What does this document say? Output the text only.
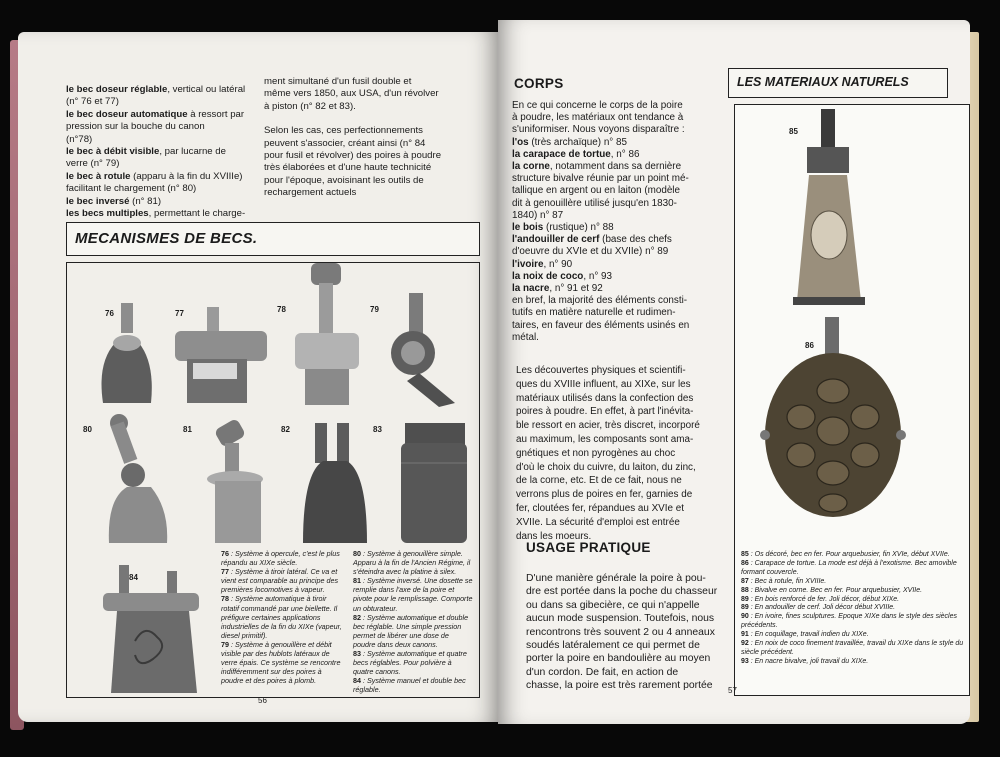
le bec doseur réglable, vertical ou latéral
(n° 76 et 77)
le bec doseur automatique à ressort par
pression sur la bouche du canon
(n°78)
le bec à débit visible, par lucarne de
verre (n° 79)
le bec à rotule (apparu à la fin du XVIIIe)
facilitant le chargement (n° 80)
le bec inversé (n° 81)
les becs multiples, permettant le charge-
ment simultané d'un fusil double et
même vers 1850, aux USA, d'un révolver
à piston (n° 82 et 83).
Selon les cas, ces perfectionnements
peuvent s'associer, créant ainsi (n° 84
pour fusil et révolver) des poires à poudre
très élaborées et d'une haute technicité
pour l'époque, avoisinant les outils de
rechargement actuels
MECANISMES DE BECS.
76	77	78	79
80	81	82	83
84
76 : Système à opercule, c'est le plus répandu au XIXe siècle.
77 : Système à tiroir latéral. Ce va et vient est comparable au principe des premières locomotives à vapeur.
78 : Système automatique à tiroir rotatif commandé par une biellette. Il préfigure certaines applications industrielles de la fin du XIXe (vapeur, diesel primitif).
79 : Système à genouillère et débit visible par des hublots latéraux de verre épais. Ce système se rencontre indifféremment sur des poires à poudre et des poires à plomb.
80 : Système à genouillère simple. Apparu à la fin de l'Ancien Régime, il s'éteindra avec la platine à silex.
81 : Système inversé. Une dosette se remplie dans l'axe de la poire et pivote pour le remplissage. Comporte un obturateur.
82 : Système automatique et double bec réglable. Une simple pression permet de libérer une dose de poudre dans deux canons.
83 : Système automatique et quatre becs réglables. Pour polvière à quatre canons.
84 : Système manuel et double bec réglable.
56
CORPS
En ce qui concerne le corps de la poire
à poudre, les matériaux ont tendance à
s'uniformiser. Nous voyons disparaître :
l'os (très archaïque) n° 85
la carapace de tortue, n° 86
la corne, notamment dans sa dernière
structure bivalve réunie par un point mé-
tallique en argent ou en laiton (modèle
dit à genouillère utilisé jusqu'en 1830-
1840) n° 87
le bois (rustique) n° 88
l'andouiller de cerf (base des chefs
d'oeuvre du XVIe et du XVIIe) n° 89
l'ivoire, n° 90
la noix de coco, n° 93
la nacre, n° 91 et 92
en bref, la majorité des éléments consti-
tutifs en matière naturelle et rudimen-
taires, en faveur des éléments usinés en
métal.
Les découvertes physiques et scientifi-
ques du XVIIIe influent, au XIXe, sur les
matériaux utilisés dans la confection des
poires à poudre. En effet, à part l'inévita-
ble ressort en acier, très discret, incorporé
au maximum, les composants sont ama-
gnétiques et non pyrogènes au choc
d'où le choix du cuivre, du laiton, du zinc,
de la corne, etc. Et de ce fait, nous ne
verrons plus de poires en fer, garnies de
fer, cloutées fer, répandues au XVIe et
XVIIe. La sécurité d'emploi est entrée
dans les moeurs.
USAGE PRATIQUE
D'une manière générale la poire à pou-
dre est portée dans la poche du chasseur
ou dans sa gibecière, ce qui n'appelle
aucun mode suspension. Toutefois, nous
rencontrons très souvent 2 ou 4 anneaux
soudés latéralement ce qui permet de
porter la poire en bandoulière au moyen
d'un cordon. De fait, en action de
chasse, la poire est très rarement portée
LES MATERIAUX NATURELS
85
86
85 : Os décoré, bec en fer. Pour arquebusier, fin XVIe, début XVIIe.
86 : Carapace de tortue. La mode est déjà à l'exotisme. Bec amovible formant couvercle.
87 : Bec à rotule, fin XVIIIe.
88 : Bivalve en corne. Bec en fer. Pour arquebusier, XVIIe.
89 : En bois renforcé de fer. Joli décor, début XIXe.
89 : En andouiller de cerf. Joli décor début XVIIIe.
90 : En ivoire, fines sculptures. Epoque XIXe dans le style des siècles précédents.
91 : En coquillage, travail indien du XIXe.
92 : En noix de coco finement travaillée, travail du XIXe dans le style du siècle précédent.
93 : En nacre bivalve, joli travail du XIXe.
57
